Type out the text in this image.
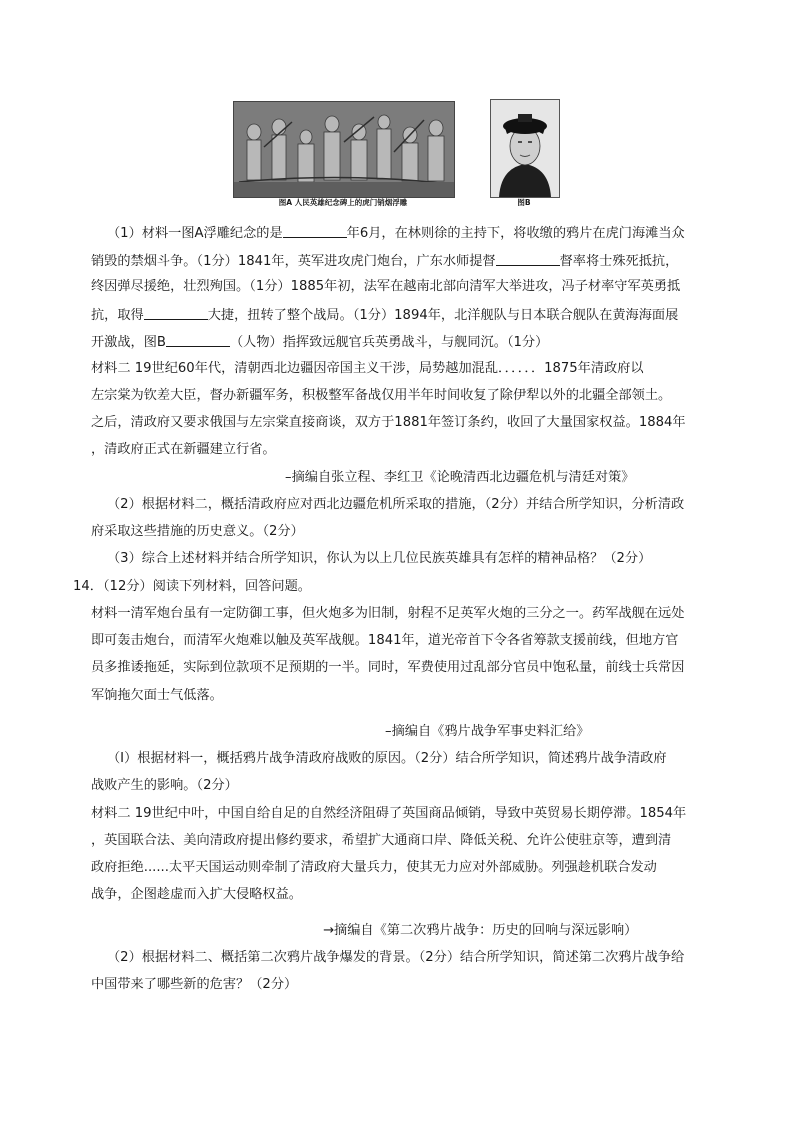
图A 人民英雄纪念碑上的虎门销烟浮雕	图B
（1）材料一图A浮雕纪念的是	年6月，在林则徐的主持下，将收缴的鸦片在虎门海滩当众
销毁的禁烟斗争。（1分）1841年，英军进攻虎门炮台，广东水师提督	督率将士殊死抵抗，
终因弹尽援绝，壮烈殉国。（1分）1885年初，法军在越南北部向清军大举进攻，冯子材率守军英勇抵
抗，取得	大捷，扭转了整个战局。（1分）1894年，北洋舰队与日本联合舰队在黄海海面展
开激战，图B	（人物）指挥致远舰官兵英勇战斗，与舰同沉。（1分）
材料二 19世纪60年代，清朝西北边疆因帝国主义干涉，局势越加混乱．．．．．．1875年清政府以
左宗棠为钦差大臣，督办新疆军务，积极整军备战仅用半年时间收复了除伊犁以外的北疆全部领土。
之后，清政府又要求俄国与左宗棠直接商谈，双方于1881年签订条约，收回了大量国家权益。1884年
，清政府正式在新疆建立行省。
–摘编自张立程、李红卫《论晚清西北边疆危机与清廷对策》
（2）根据材料二，概括清政府应对西北边疆危机所采取的措施，（2分）并结合所学知识，分析清政
府采取这些措施的历史意义。（2分）
（3）综合上述材料并结合所学知识，你认为以上几位民族英雄具有怎样的精神品格？（2分）
14．（12分）阅读下列材料，回答问题。
材料一清军炮台虽有一定防御工事，但火炮多为旧制，射程不足英军火炮的三分之一。药军战舰在远处
即可轰击炮台，而清军火炮难以触及英军战舰。1841年，道光帝首下令各省筹款支援前线，但地方官
员多推诿拖延，实际到位款项不足预期的一半。同时，军费使用过乱部分官员中饱私量，前线士兵常因
军饷拖欠面士气低落。
–摘编自《鸦片战争军事史料汇给》
（I）根据材料一，概括鸦片战争清政府战败的原因。（2分）结合所学知识，简述鸦片战争清政府
战败产生的影响。（2分）
材料二 19世纪中叶，中国自给自足的自然经济阻碍了英国商品倾销，导致中英贸易长期停滞。1854年
，英国联合法、美向清政府提出修约要求，希望扩大通商口岸、降低关税、允许公使驻京等，遭到清
政府拒绝......太平天国运动则牵制了清政府大量兵力，使其无力应对外部威胁。列强趁机联合发动
战争，企图趁虚而入扩大侵略权益。
→摘编自《第二次鸦片战争：历史的回响与深远影响）
（2）根据材料二、概括第二次鸦片战争爆发的背景。（2分）结合所学知识，简述第二次鸦片战争给
中国带来了哪些新的危害？（2分）
